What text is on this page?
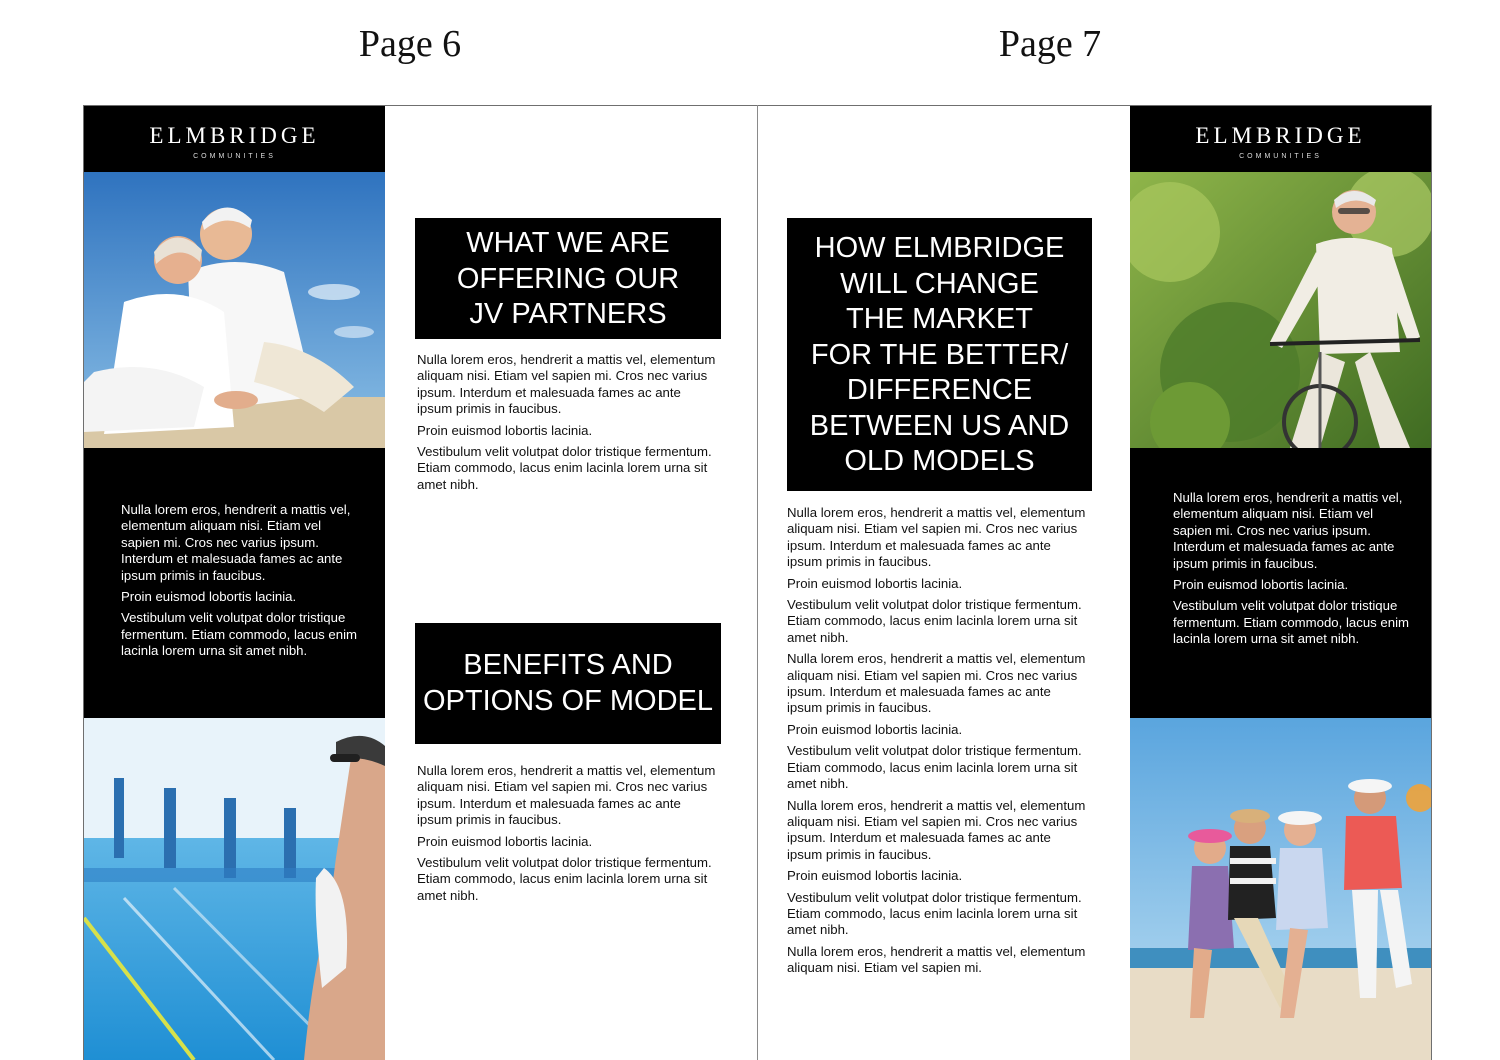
Page 6	Page 7
ELMBRIDGE
COMMUNITIES

Nulla lorem eros, hendrerit a mattis vel, elementum aliquam nisi. Etiam vel sapien mi. Cros nec varius ipsum. Interdum et malesuada fames ac ante ipsum primis in faucibus.

Proin euismod lobortis lacinia.

Vestibulum velit volutpat dolor tristique fermentum. Etiam commodo, lacus enim lacinla lorem urna sit amet nibh.

WHAT WE ARE
OFFERING OUR
JV PARTNERS

Nulla lorem eros, hendrerit a mattis vel, elementum aliquam nisi. Etiam vel sapien mi. Cros nec varius ipsum. Interdum et malesuada fames ac ante ipsum primis in faucibus.

Proin euismod lobortis lacinia.

Vestibulum velit volutpat dolor tristique fermentum. Etiam commodo, lacus enim lacinla lorem urna sit amet nibh.

BENEFITS AND
OPTIONS OF MODEL

Nulla lorem eros, hendrerit a mattis vel, elementum aliquam nisi. Etiam vel sapien mi. Cros nec varius ipsum. Interdum et malesuada fames ac ante ipsum primis in faucibus.

Proin euismod lobortis lacinia.

Vestibulum velit volutpat dolor tristique fermentum. Etiam commodo, lacus enim lacinla lorem urna sit amet nibh.

HOW ELMBRIDGE
WILL CHANGE
THE MARKET
FOR THE BETTER/
DIFFERENCE
BETWEEN US AND
OLD MODELS

Nulla lorem eros, hendrerit a mattis vel, elementum aliquam nisi. Etiam vel sapien mi. Cros nec varius ipsum. Interdum et malesuada fames ac ante ipsum primis in faucibus.

Proin euismod lobortis lacinia.

Vestibulum velit volutpat dolor tristique fermentum. Etiam commodo, lacus enim lacinla lorem urna sit amet nibh.

Nulla lorem eros, hendrerit a mattis vel, elementum aliquam nisi. Etiam vel sapien mi. Cros nec varius ipsum. Interdum et malesuada fames ac ante ipsum primis in faucibus.

Proin euismod lobortis lacinia.

Vestibulum velit volutpat dolor tristique fermentum. Etiam commodo, lacus enim lacinla lorem urna sit amet nibh.

Nulla lorem eros, hendrerit a mattis vel, elementum aliquam nisi. Etiam vel sapien mi. Cros nec varius ipsum. Interdum et malesuada fames ac ante ipsum primis in faucibus.

Proin euismod lobortis lacinia.

Vestibulum velit volutpat dolor tristique fermentum. Etiam commodo, lacus enim lacinla lorem urna sit amet nibh.

Nulla lorem eros, hendrerit a mattis vel, elementum aliquam nisi. Etiam vel sapien mi.

ELMBRIDGE
COMMUNITIES

Nulla lorem eros, hendrerit a mattis vel, elementum aliquam nisi. Etiam vel sapien mi. Cros nec varius ipsum. Interdum et malesuada fames ac ante ipsum primis in faucibus.

Proin euismod lobortis lacinia.

Vestibulum velit volutpat dolor tristique fermentum. Etiam commodo, lacus enim lacinla lorem urna sit amet nibh.
